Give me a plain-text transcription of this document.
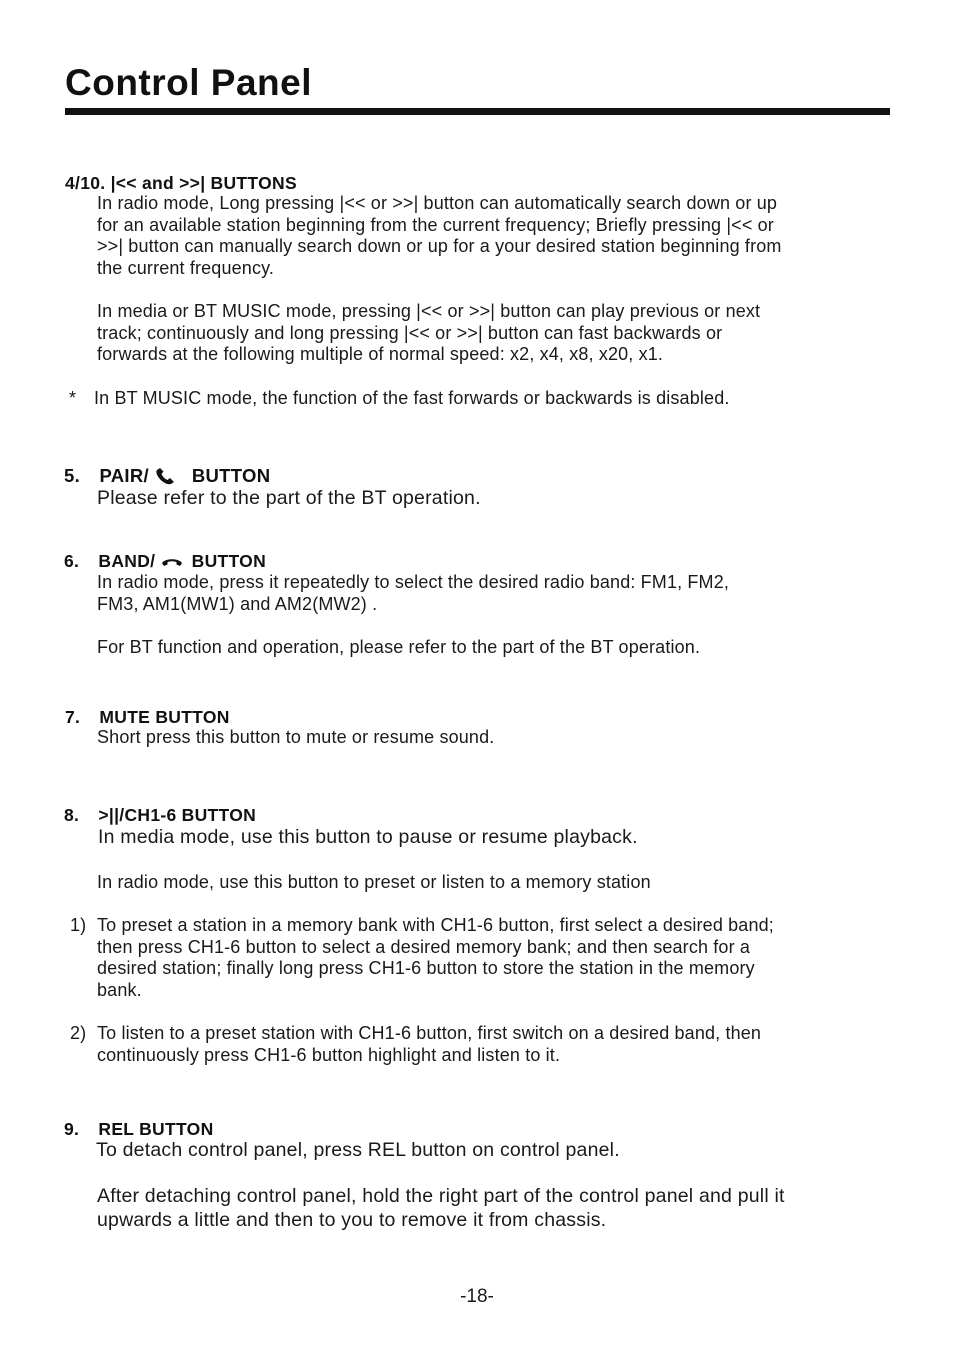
Control Panel
4/10. |<< and >>| BUTTONS
In radio mode, Long pressing |<< or >>| button can automatically search down or up
for an available station beginning from the current frequency; Briefly pressing |<< or
>>| button can manually search down or up for a your desired station beginning from
the current frequency.
In media or BT MUSIC mode, pressing |<< or >>| button can play previous or next
track; continuously and long pressing |<< or >>| button can fast backwards or
forwards at the following multiple of normal speed: x2, x4, x8, x20, x1.
* In BT MUSIC mode, the function of the fast forwards or backwards is disabled.
5. PAIR/ BUTTON
Please refer to the part of the BT operation.
6. BAND/ BUTTON
In radio mode, press it repeatedly to select the desired radio band: FM1, FM2,
FM3, AM1(MW1) and AM2(MW2) .
For BT function and operation, please refer to the part of the BT operation.
7. MUTE BUTTON
Short press this button to mute or resume sound.
8. >||/CH1-6 BUTTON
In media mode, use this button to pause or resume playback.
In radio mode, use this button to preset or listen to a memory station
1) To preset a station in a memory bank with CH1-6 button, first select a desired band;
then press CH1-6 button to select a desired memory bank; and then search for a
desired station; finally long press CH1-6 button to store the station in the memory
bank.
2) To listen to a preset station with CH1-6 button, first switch on a desired band, then
continuously press CH1-6 button highlight and listen to it.
9. REL BUTTON
To detach control panel, press REL button on control panel.
After detaching control panel, hold the right part of the control panel and pull it
upwards a little and then to you to remove it from chassis.
-18-
